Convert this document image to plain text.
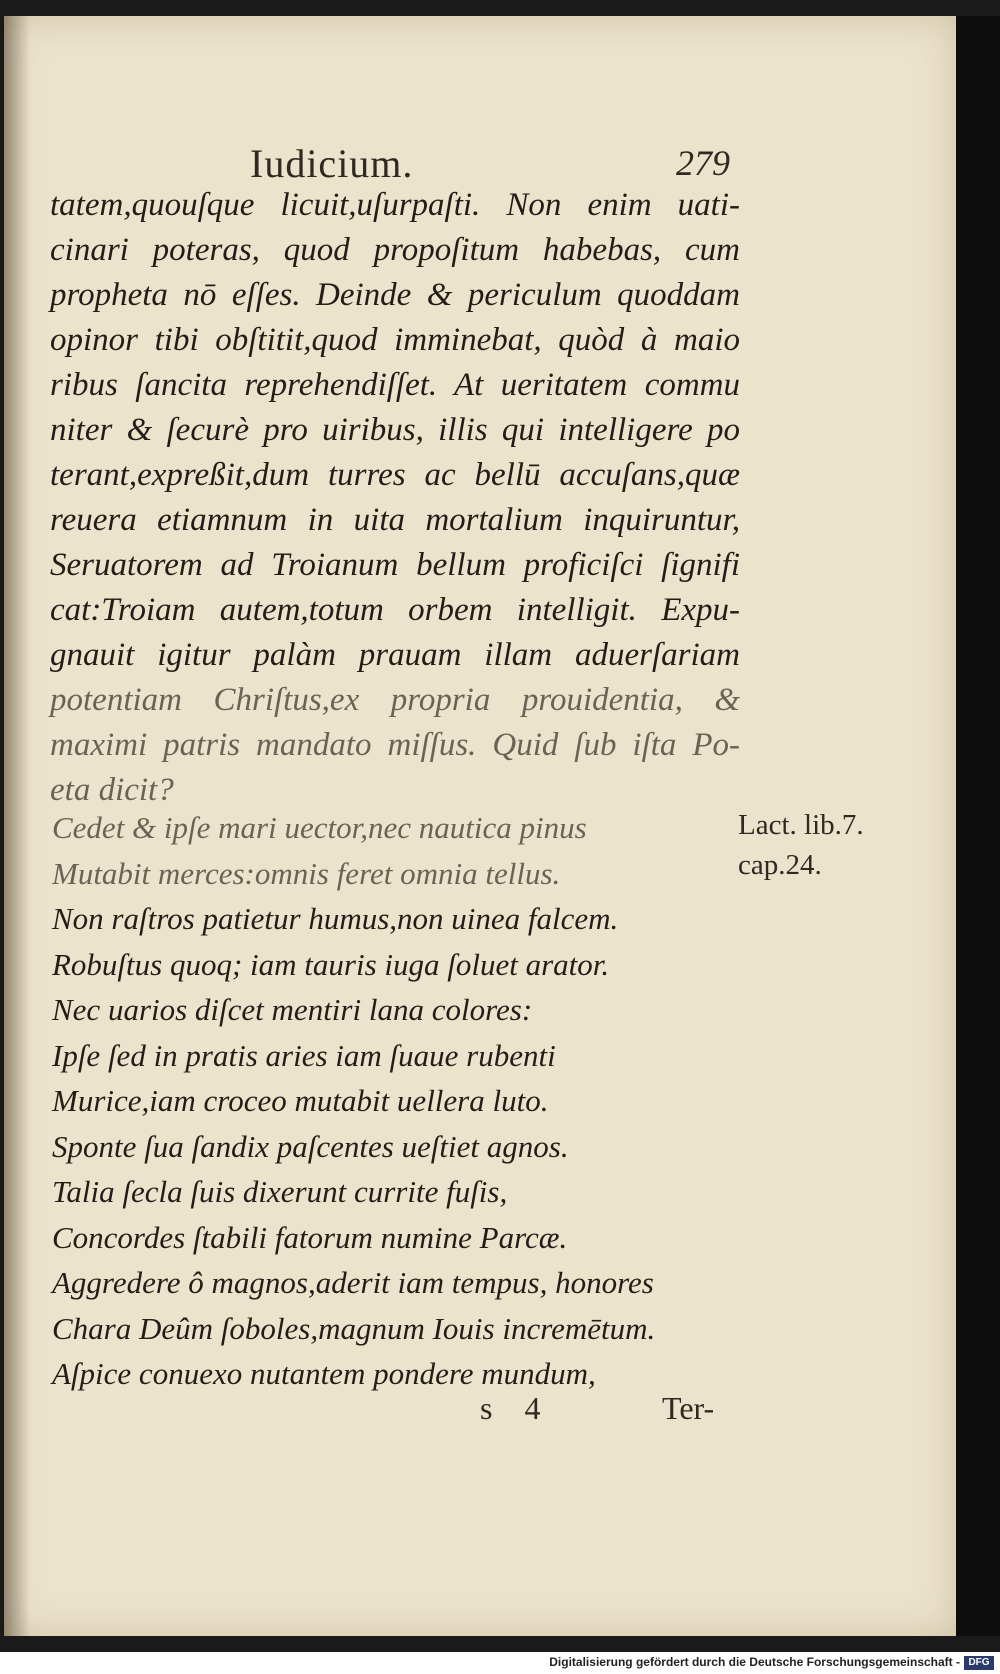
Iudicium.	279
tatem,quouſque licuit,uſurpaſti. Non enim uati-
cinari poteras, quod propoſitum habebas, cum
propheta nō eſſes. Deinde & periculum quoddam
opinor tibi obſtitit,quod imminebat, quòd à maio
ribus ſancita reprehendiſſet. At ueritatem commu
niter & ſecurè pro uiribus, illis qui intelligere po
terant,expreßit,dum turres ac bellū accuſans,quæ
reuera etiamnum in uita mortalium inquiruntur,
Seruatorem ad Troianum bellum proficiſci ſignifi
cat:Troiam autem,totum orbem intelligit. Expu-
gnauit igitur palàm prauam illam aduerſariam
potentiam Chriſtus,ex propria prouidentia, &
maximi patris mandato miſſus. Quid ſub iſta Po-
eta dicit?
Cedet & ipſe mari uector,nec nautica pinus
Mutabit merces:omnis feret omnia tellus.
Non raſtros patietur humus,non uinea falcem.
Robuſtus quoq; iam tauris iuga ſoluet arator.
Nec uarios diſcet mentiri lana colores:
Ipſe ſed in pratis aries iam ſuaue rubenti
Murice,iam croceo mutabit uellera luto.
Sponte ſua ſandix paſcentes ueſtiet agnos.
Talia ſecla ſuis dixerunt currite fuſis,
Concordes ſtabili fatorum numine Parcæ.
Aggredere ô magnos,aderit iam tempus, honores
Chara Deûm ſoboles,magnum Iouis incremētum.
Aſpice conuexo nutantem pondere mundum,
Lact. lib.7.
cap.24.
s 4	Ter-
Digitalisierung gefördert durch die Deutsche Forschungsgemeinschaft - DFG
